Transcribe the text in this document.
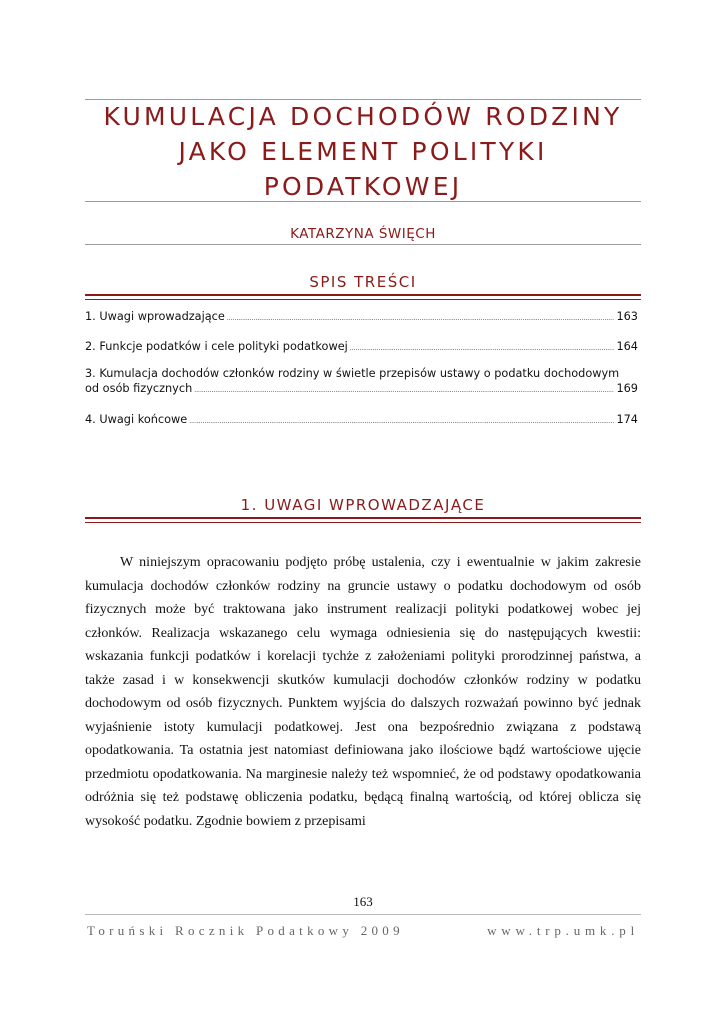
KUMULACJA DOCHODÓW RODZINY
JAKO ELEMENT POLITYKI
PODATKOWEJ
KATARZYNA ŚWIĘCH
SPIS TREŚCI
1. Uwagi wprowadzające .....	163
2. Funkcje podatków i cele polityki podatkowej .....	164
3. Kumulacja dochodów członków rodziny w świetle przepisów ustawy o podatku dochodowym
od osób fizycznych .....	169
4. Uwagi końcowe .....	174
1. UWAGI WPROWADZAJĄCE

W niniejszym opracowaniu podjęto próbę ustalenia, czy i ewentualnie w jakim zakresie kumulacja dochodów członków rodziny na gruncie ustawy o podatku dochodowym od osób fizycznych może być traktowana jako instrument realizacji polityki podatkowej wobec jej członków. Realizacja wskazanego celu wymaga odniesienia się do następujących kwestii: wskazania funkcji podatków i korelacji tychże z założeniami polityki prorodzinnej państwa, a także zasad i w konsekwencji skutków kumulacji dochodów członków rodziny w podatku dochodowym od osób fizycznych. Punktem wyjścia do dalszych rozważań powinno być jednak wyjaśnienie istoty kumulacji podatkowej. Jest ona bezpośrednio związana z podstawą opodatkowania. Ta ostatnia jest natomiast definiowana jako ilościowe bądź wartościowe ujęcie przedmiotu opodatkowania. Na marginesie należy też wspomnieć, że od podstawy opodatkowania odróżnia się też podstawę obliczenia podatku, będącą finalną wartością, od której oblicza się wysokość podatku. Zgodnie bowiem z przepisami

163
Toruński Rocznik Podatkowy 2009	www.trp.umk.pl
